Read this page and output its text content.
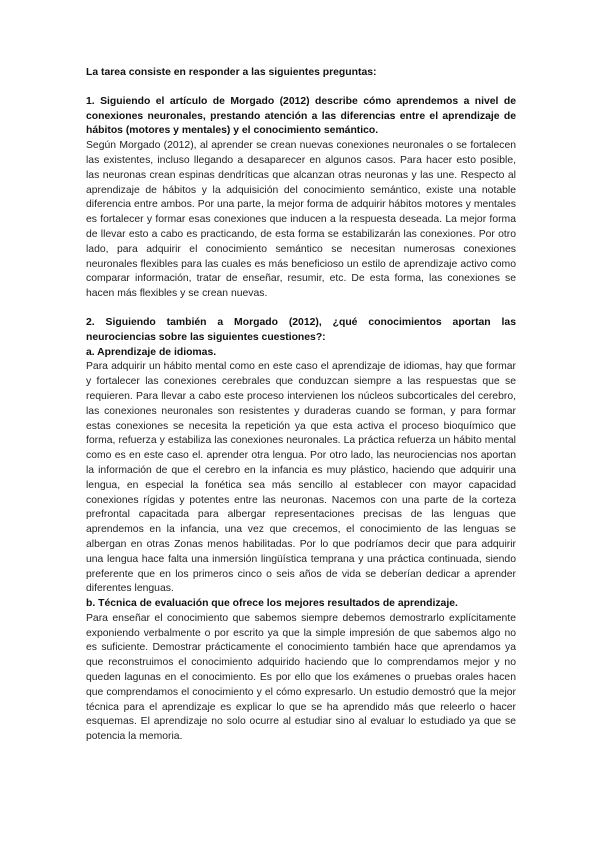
La tarea consiste en responder a las siguientes preguntas:

1. Siguiendo el artículo de Morgado (2012) describe cómo aprendemos a nivel de conexiones neuronales, prestando atención a las diferencias entre el aprendizaje de hábitos (motores y mentales) y el conocimiento semántico.

Según Morgado (2012), al aprender se crean nuevas conexiones neuronales o se fortalecen las existentes, incluso llegando a desaparecer en algunos casos. Para hacer esto posible, las neuronas crean espinas dendríticas que alcanzan otras neuronas y las une. Respecto al aprendizaje de hábitos y la adquisición del conocimiento semántico, existe una notable diferencia entre ambos. Por una parte, la mejor forma de adquirir hábitos motores y mentales es fortalecer y formar esas conexiones que inducen a la respuesta deseada. La mejor forma de llevar esto a cabo es practicando, de esta forma se estabilizarán las conexiones. Por otro lado, para adquirir el conocimiento semántico se necesitan numerosas conexiones neuronales flexibles para las cuales es más beneficioso un estilo de aprendizaje activo como comparar información, tratar de enseñar, resumir, etc. De esta forma, las conexiones se hacen más flexibles y se crean nuevas.

2. Siguiendo también a Morgado (2012), ¿qué conocimientos aportan las neurociencias sobre las siguientes cuestiones?:

a. Aprendizaje de idiomas.

Para adquirir un hábito mental como en este caso el aprendizaje de idiomas, hay que formar y fortalecer las conexiones cerebrales que conduzcan siempre a las respuestas que se requieren. Para llevar a cabo este proceso intervienen los núcleos subcorticales del cerebro, las conexiones neuronales son resistentes y duraderas cuando se forman, y para formar estas conexiones se necesita la repetición ya que esta activa el proceso bioquímico que forma, refuerza y estabiliza las conexiones neuronales. La práctica refuerza un hábito mental como es en este caso el. aprender otra lengua. Por otro lado, las neurociencias nos aportan la información de que el cerebro en la infancia es muy plástico, haciendo que adquirir una lengua, en especial la fonética sea más sencillo al establecer con mayor capacidad conexiones rígidas y potentes entre las neuronas. Nacemos con una parte de la corteza prefrontal capacitada para albergar representaciones precisas de las lenguas que aprendemos en la infancia, una vez que crecemos, el conocimiento de las lenguas se albergan en otras Zonas menos habilitadas. Por lo que podríamos decir que para adquirir una lengua hace falta una inmersión lingüística temprana y una práctica continuada, siendo preferente que en los primeros cinco o seis años de vida se deberían dedicar a aprender diferentes lenguas.

b. Técnica de evaluación que ofrece los mejores resultados de aprendizaje.

Para enseñar el conocimiento que sabemos siempre debemos demostrarlo explícitamente exponiendo verbalmente o por escrito ya que la simple impresión de que sabemos algo no es suficiente. Demostrar prácticamente el conocimiento también hace que aprendamos ya que reconstruimos el conocimiento adquirido haciendo que lo comprendamos mejor y no queden lagunas en el conocimiento. Es por ello que los exámenes o pruebas orales hacen que comprendamos el conocimiento y el cómo expresarlo. Un estudio demostró que la mejor técnica para el aprendizaje es explicar lo que se ha aprendido más que releerlo o hacer esquemas. El aprendizaje no solo ocurre al estudiar sino al evaluar lo estudiado ya que se potencia la memoria.
